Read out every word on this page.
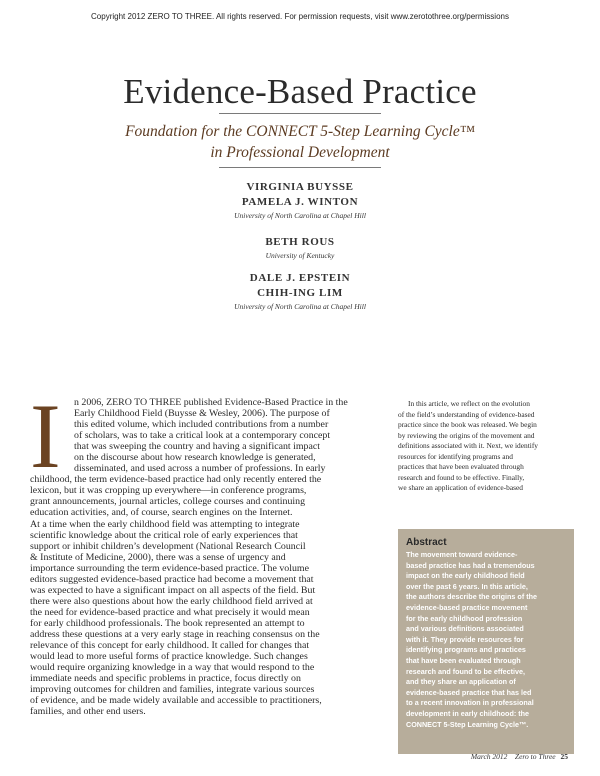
Copyright 2012 ZERO TO THREE. All rights reserved. For permission requests, visit www.zerotothree.org/permissions
Evidence-Based Practice
Foundation for the CONNECT 5-Step Learning Cycle™
in Professional Development
VIRGINIA BUYSSE
PAMELA J. WINTON
University of North Carolina at Chapel Hill
BETH ROUS
University of Kentucky
DALE J. EPSTEIN
CHIH-ING LIM
University of North Carolina at Chapel Hill
I	n 2006, ZERO TO THREE published Evidence-Based Practice in the
Early Childhood Field (Buysse & Wesley, 2006). The purpose of
this edited volume, which included contributions from a number
of scholars, was to take a critical look at a contemporary concept
that was sweeping the country and having a significant impact
on the discourse about how research knowledge is generated,
disseminated, and used across a number of professions. In early
childhood, the term evidence-based practice had only recently entered the
lexicon, but it was cropping up everywhere—in conference programs,
grant announcements, journal articles, college courses and continuing
education activities, and, of course, search engines on the Internet.
At a time when the early childhood field was attempting to integrate
scientific knowledge about the critical role of early experiences that
support or inhibit children’s development (National Research Council
& Institute of Medicine, 2000), there was a sense of urgency and
importance surrounding the term evidence-based practice. The volume
editors suggested evidence-based practice had become a movement that
was expected to have a significant impact on all aspects of the field. But
there were also questions about how the early childhood field arrived at
the need for evidence-based practice and what precisely it would mean
for early childhood professionals. The book represented an attempt to
address these questions at a very early stage in reaching consensus on the
relevance of this concept for early childhood. It called for changes that
would lead to more useful forms of practice knowledge. Such changes
would require organizing knowledge in a way that would respond to the
immediate needs and specific problems in practice, focus directly on
improving outcomes for children and families, integrate various sources
of evidence, and be made widely available and accessible to practitioners,
families, and other end users.
In this article, we reflect on the evolution
of the field’s understanding of evidence-based
practice since the book was released. We begin
by reviewing the origins of the movement and
definitions associated with it. Next, we identify
resources for identifying programs and
practices that have been evaluated through
research and found to be effective. Finally,
we share an application of evidence-based
Abstract
The movement toward evidence-
based practice has had a tremendous
impact on the early childhood field
over the past 6 years. In this article,
the authors describe the origins of the
evidence-based practice movement
for the early childhood profession
and various definitions associated
with it. They provide resources for
identifying programs and practices
that have been evaluated through
research and found to be effective,
and they share an application of
evidence-based practice that has led
to a recent innovation in professional
development in early childhood: the
CONNECT 5-Step Learning Cycle™.
March 2012 Zero to Three 25
